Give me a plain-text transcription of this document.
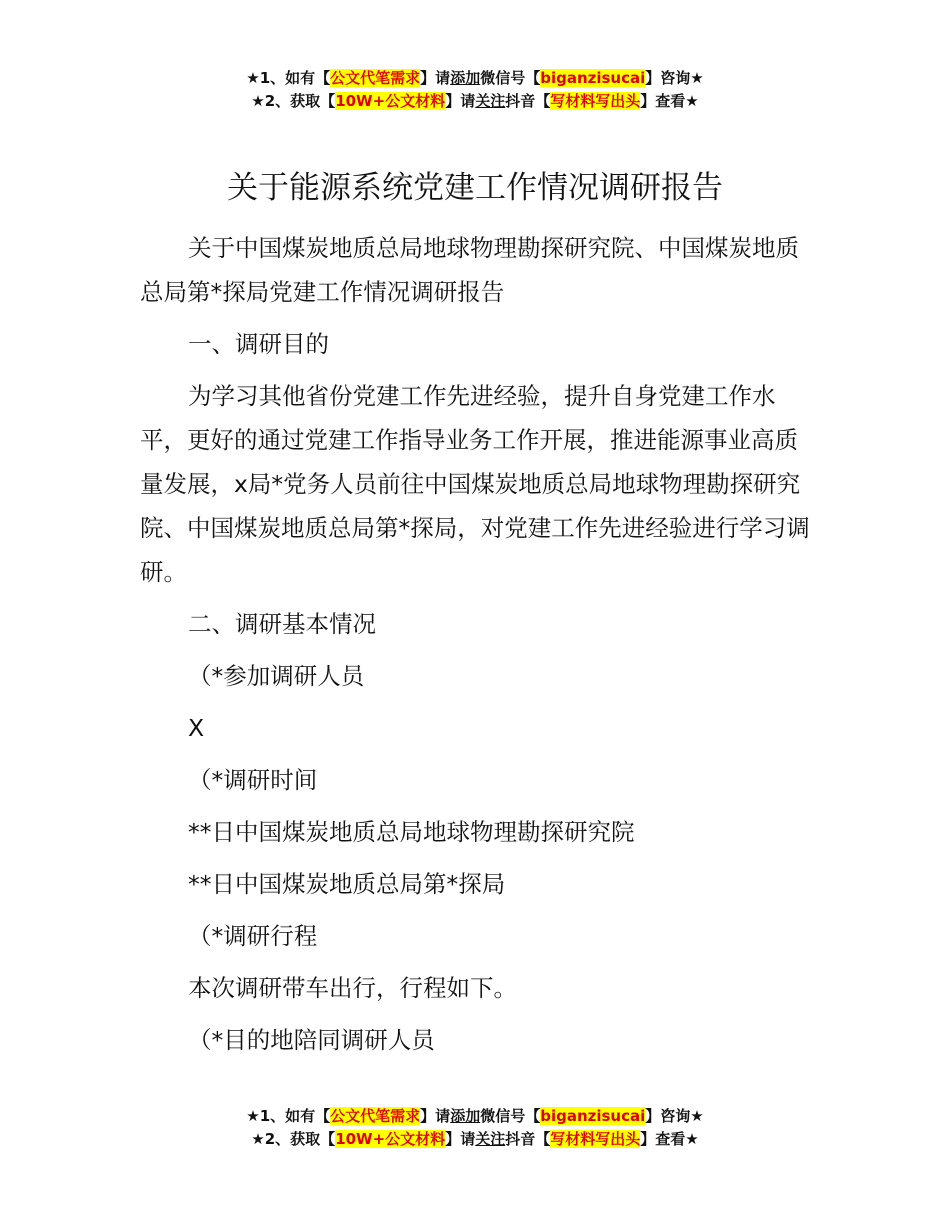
★1、如有【公文代笔需求】请添加微信号【biganzisucai】咨询★
★2、获取【10W+公文材料】请关注抖音【写材料写出头】查看★
关于能源系统党建工作情况调研报告

关于中国煤炭地质总局地球物理勘探研究院、中国煤炭地质总局第*探局党建工作情况调研报告

一、调研目的

为学习其他省份党建工作先进经验，提升自身党建工作水平，更好的通过党建工作指导业务工作开展，推进能源事业高质量发展，x局*党务人员前往中国煤炭地质总局地球物理勘探研究院、中国煤炭地质总局第*探局，对党建工作先进经验进行学习调研。

二、调研基本情况

（*参加调研人员

X

（*调研时间

**日中国煤炭地质总局地球物理勘探研究院

**日中国煤炭地质总局第*探局

（*调研行程

本次调研带车出行，行程如下。

（*目的地陪同调研人员

★1、如有【公文代笔需求】请添加微信号【biganzisucai】咨询★
★2、获取【10W+公文材料】请关注抖音【写材料写出头】查看★
